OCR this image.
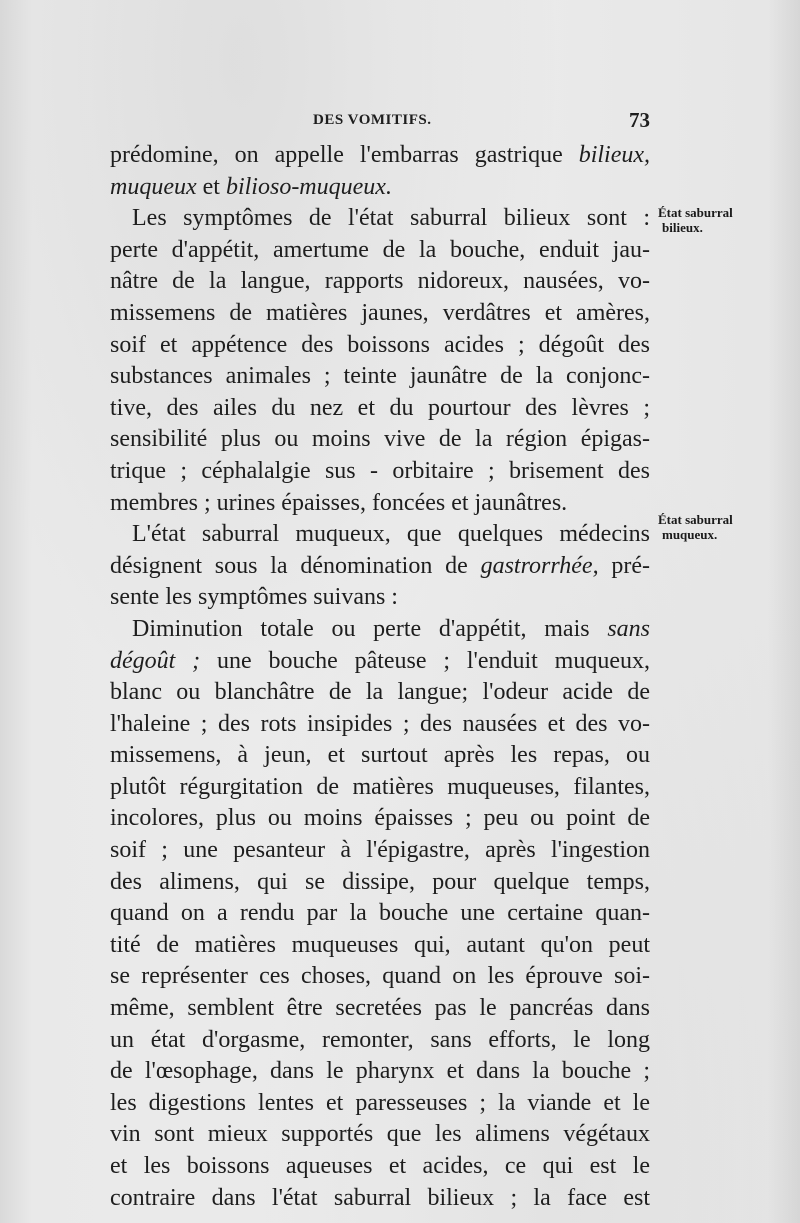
DES VOMITIFS.	73
État saburral
bilieux.
État saburral
muqueux.
prédomine, on appelle l'embarras gastrique bilieux,
muqueux et bilioso-muqueux.
Les symptômes de l'état saburral bilieux sont :
perte d'appétit, amertume de la bouche, enduit jau-
nâtre de la langue, rapports nidoreux, nausées, vo-
missemens de matières jaunes, verdâtres et amères,
soif et appétence des boissons acides ; dégoût des
substances animales ; teinte jaunâtre de la conjonc-
tive, des ailes du nez et du pourtour des lèvres ;
sensibilité plus ou moins vive de la région épigas-
trique ; céphalalgie sus - orbitaire ; brisement des
membres ; urines épaisses, foncées et jaunâtres.
L'état saburral muqueux, que quelques médecins
désignent sous la dénomination de gastrorrhée, pré-
sente les symptômes suivans :
Diminution totale ou perte d'appétit, mais sans
dégoût ; une bouche pâteuse ; l'enduit muqueux,
blanc ou blanchâtre de la langue; l'odeur acide de
l'haleine ; des rots insipides ; des nausées et des vo-
missemens, à jeun, et surtout après les repas, ou
plutôt régurgitation de matières muqueuses, filantes,
incolores, plus ou moins épaisses ; peu ou point de
soif ; une pesanteur à l'épigastre, après l'ingestion
des alimens, qui se dissipe, pour quelque temps,
quand on a rendu par la bouche une certaine quan-
tité de matières muqueuses qui, autant qu'on peut
se représenter ces choses, quand on les éprouve soi-
même, semblent être secretées pas le pancréas dans
un état d'orgasme, remonter, sans efforts, le long
de l'œsophage, dans le pharynx et dans la bouche ;
les digestions lentes et paresseuses ; la viande et le
vin sont mieux supportés que les alimens végétaux
et les boissons aqueuses et acides, ce qui est le
contraire dans l'état saburral bilieux ; la face est
